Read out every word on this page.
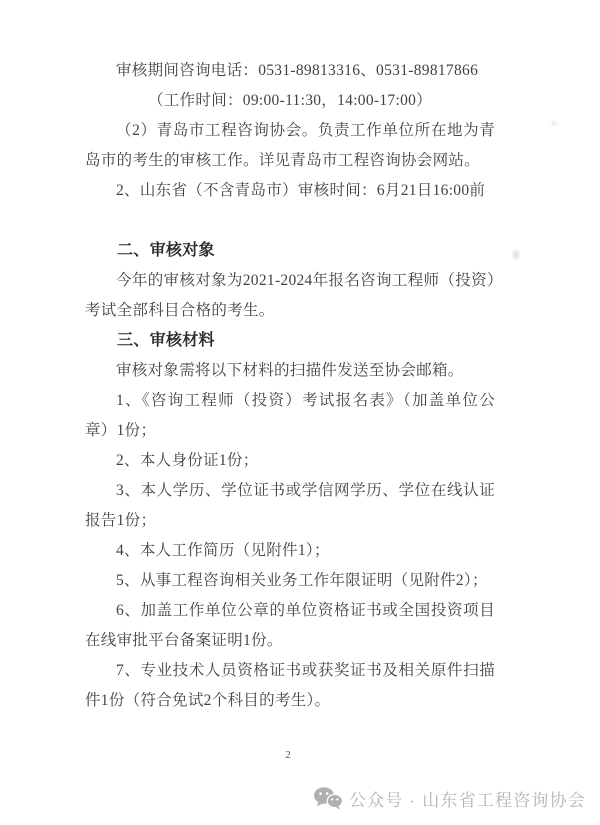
审核期间咨询电话：0531-89813316、0531-89817866
（工作时间：09:00-11:30，14:00-17:00）
（2）青岛市工程咨询协会。负责工作单位所在地为青岛市的考生的审核工作。详见青岛市工程咨询协会网站。
2、山东省（不含青岛市）审核时间：6月21日16:00前
二、审核对象
今年的审核对象为2021-2024年报名咨询工程师（投资）考试全部科目合格的考生。
三、审核材料
审核对象需将以下材料的扫描件发送至协会邮箱。
1、《咨询工程师（投资）考试报名表》（加盖单位公章）1份；
2、本人身份证1份；
3、本人学历、学位证书或学信网学历、学位在线认证报告1份；
4、本人工作简历（见附件1）；
5、从事工程咨询相关业务工作年限证明（见附件2）；
6、加盖工作单位公章的单位资格证书或全国投资项目在线审批平台备案证明1份。
7、专业技术人员资格证书或获奖证书及相关原件扫描件1份（符合免试2个科目的考生）。
2
公众号 · 山东省工程咨询协会
